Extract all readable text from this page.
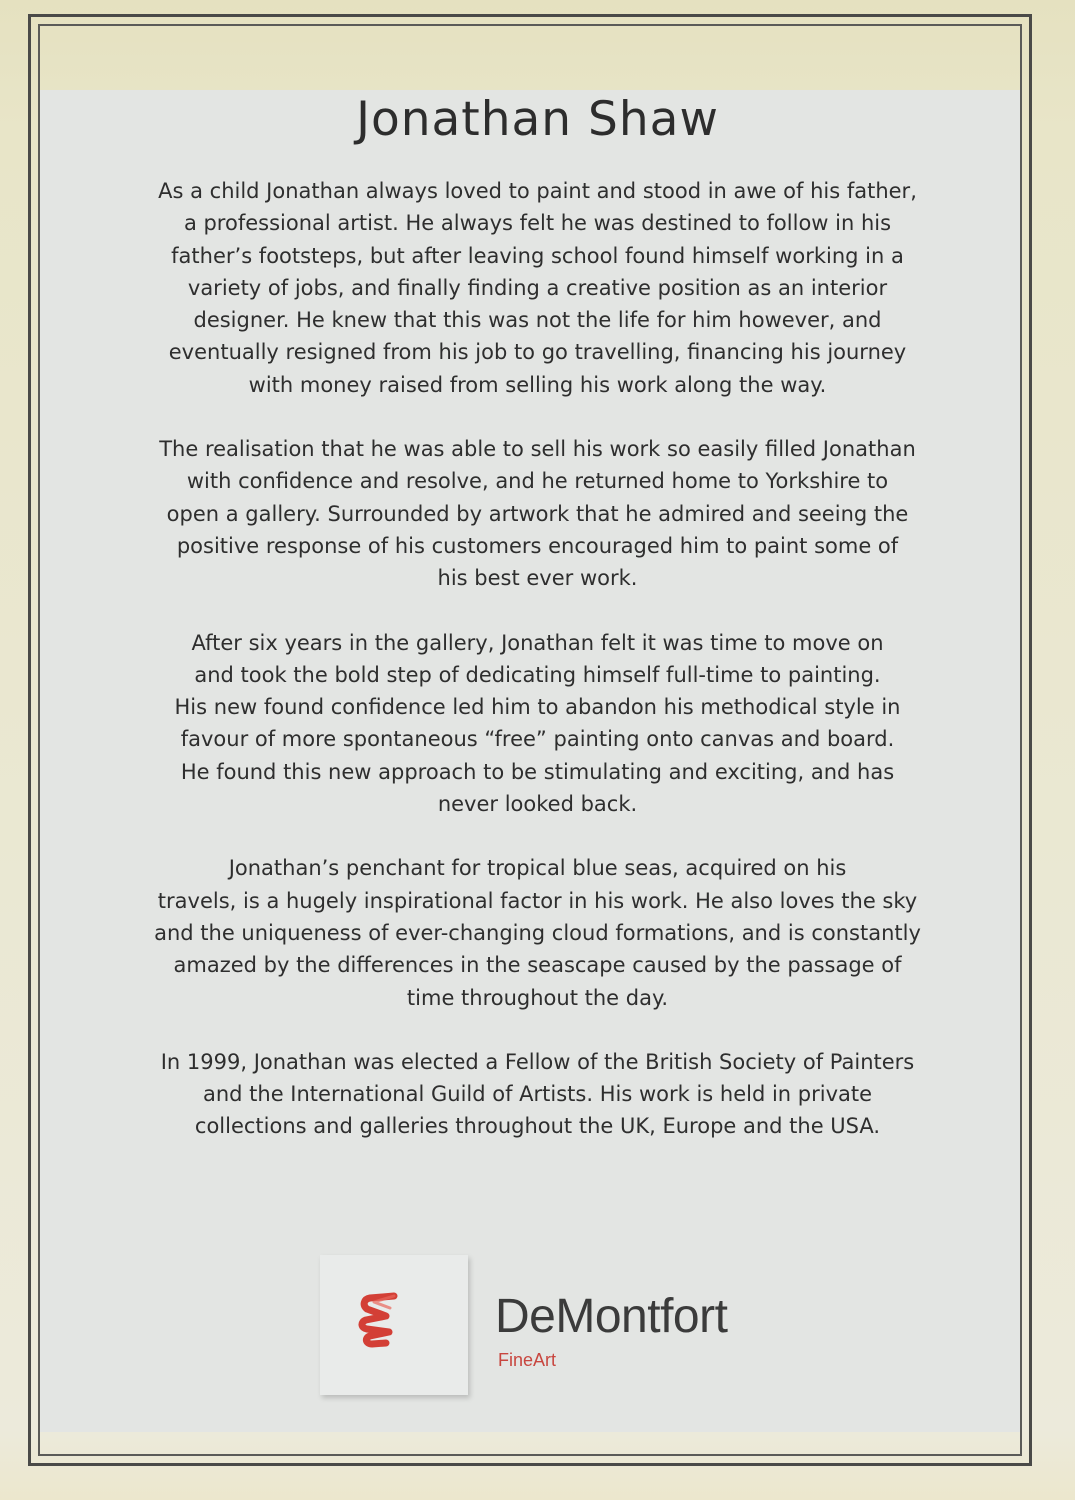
Jonathan Shaw
As a child Jonathan always loved to paint and stood in awe of his father,
a professional artist. He always felt he was destined to follow in his
father’s footsteps, but after leaving school found himself working in a
variety of jobs, and finally finding a creative position as an interior
designer. He knew that this was not the life for him however, and
eventually resigned from his job to go travelling, financing his journey
with money raised from selling his work along the way.
The realisation that he was able to sell his work so easily filled Jonathan
with confidence and resolve, and he returned home to Yorkshire to
open a gallery. Surrounded by artwork that he admired and seeing the
positive response of his customers encouraged him to paint some of
his best ever work.
After six years in the gallery, Jonathan felt it was time to move on
and took the bold step of dedicating himself full-time to painting.
His new found confidence led him to abandon his methodical style in
favour of more spontaneous “free” painting onto canvas and board.
He found this new approach to be stimulating and exciting, and has
never looked back.
Jonathan’s penchant for tropical blue seas, acquired on his
travels, is a hugely inspirational factor in his work. He also loves the sky
and the uniqueness of ever-changing cloud formations, and is constantly
amazed by the differences in the seascape caused by the passage of
time throughout the day.
In 1999, Jonathan was elected a Fellow of the British Society of Painters
and the International Guild of Artists. His work is held in private
collections and galleries throughout the UK, Europe and the USA.
DeMontfort
FineArt
